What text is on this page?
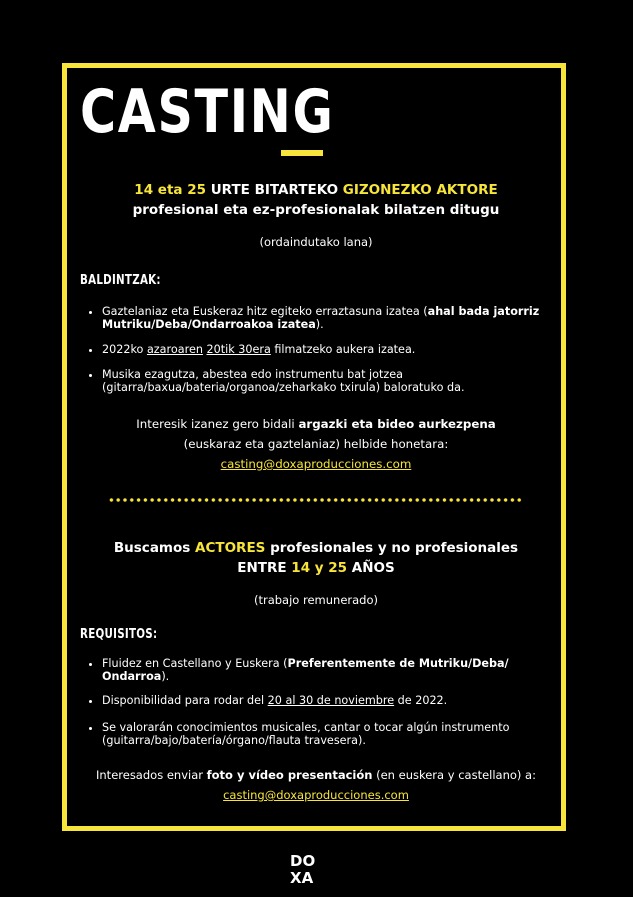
CASTING
14 eta 25 URTE BITARTEKO GIZONEZKO AKTORE
profesional eta ez-profesionalak bilatzen ditugu
(ordaindutako lana)
BALDINTZAK:
• Gaztelaniaz eta Euskeraz hitz egiteko erraztasuna izatea (ahal bada jatorriz Mutriku/Deba/Ondarroakoa izatea).
• 2022ko azaroaren 20tik 30era filmatzeko aukera izatea.
• Musika ezagutza, abestea edo instrumentu bat jotzea (gitarra/baxua/bateria/organoa/zeharkako txirula) baloratuko da.
Interesik izanez gero bidali argazki eta bideo aurkezpena
(euskaraz eta gaztelaniaz) helbide honetara:
casting@doxaproducciones.com
Buscamos ACTORES profesionales y no profesionales
ENTRE 14 y 25 AÑOS
(trabajo remunerado)
REQUISITOS:
• Fluidez en Castellano y Euskera (Preferentemente de Mutriku/Deba/ Ondarroa).
• Disponibilidad para rodar del 20 al 30 de noviembre de 2022.
• Se valorarán conocimientos musicales, cantar o tocar algún instrumento (guitarra/bajo/batería/órgano/flauta travesera).
Interesados enviar foto y vídeo presentación (en euskera y castellano) a:
casting@doxaproducciones.com
DO
XA
